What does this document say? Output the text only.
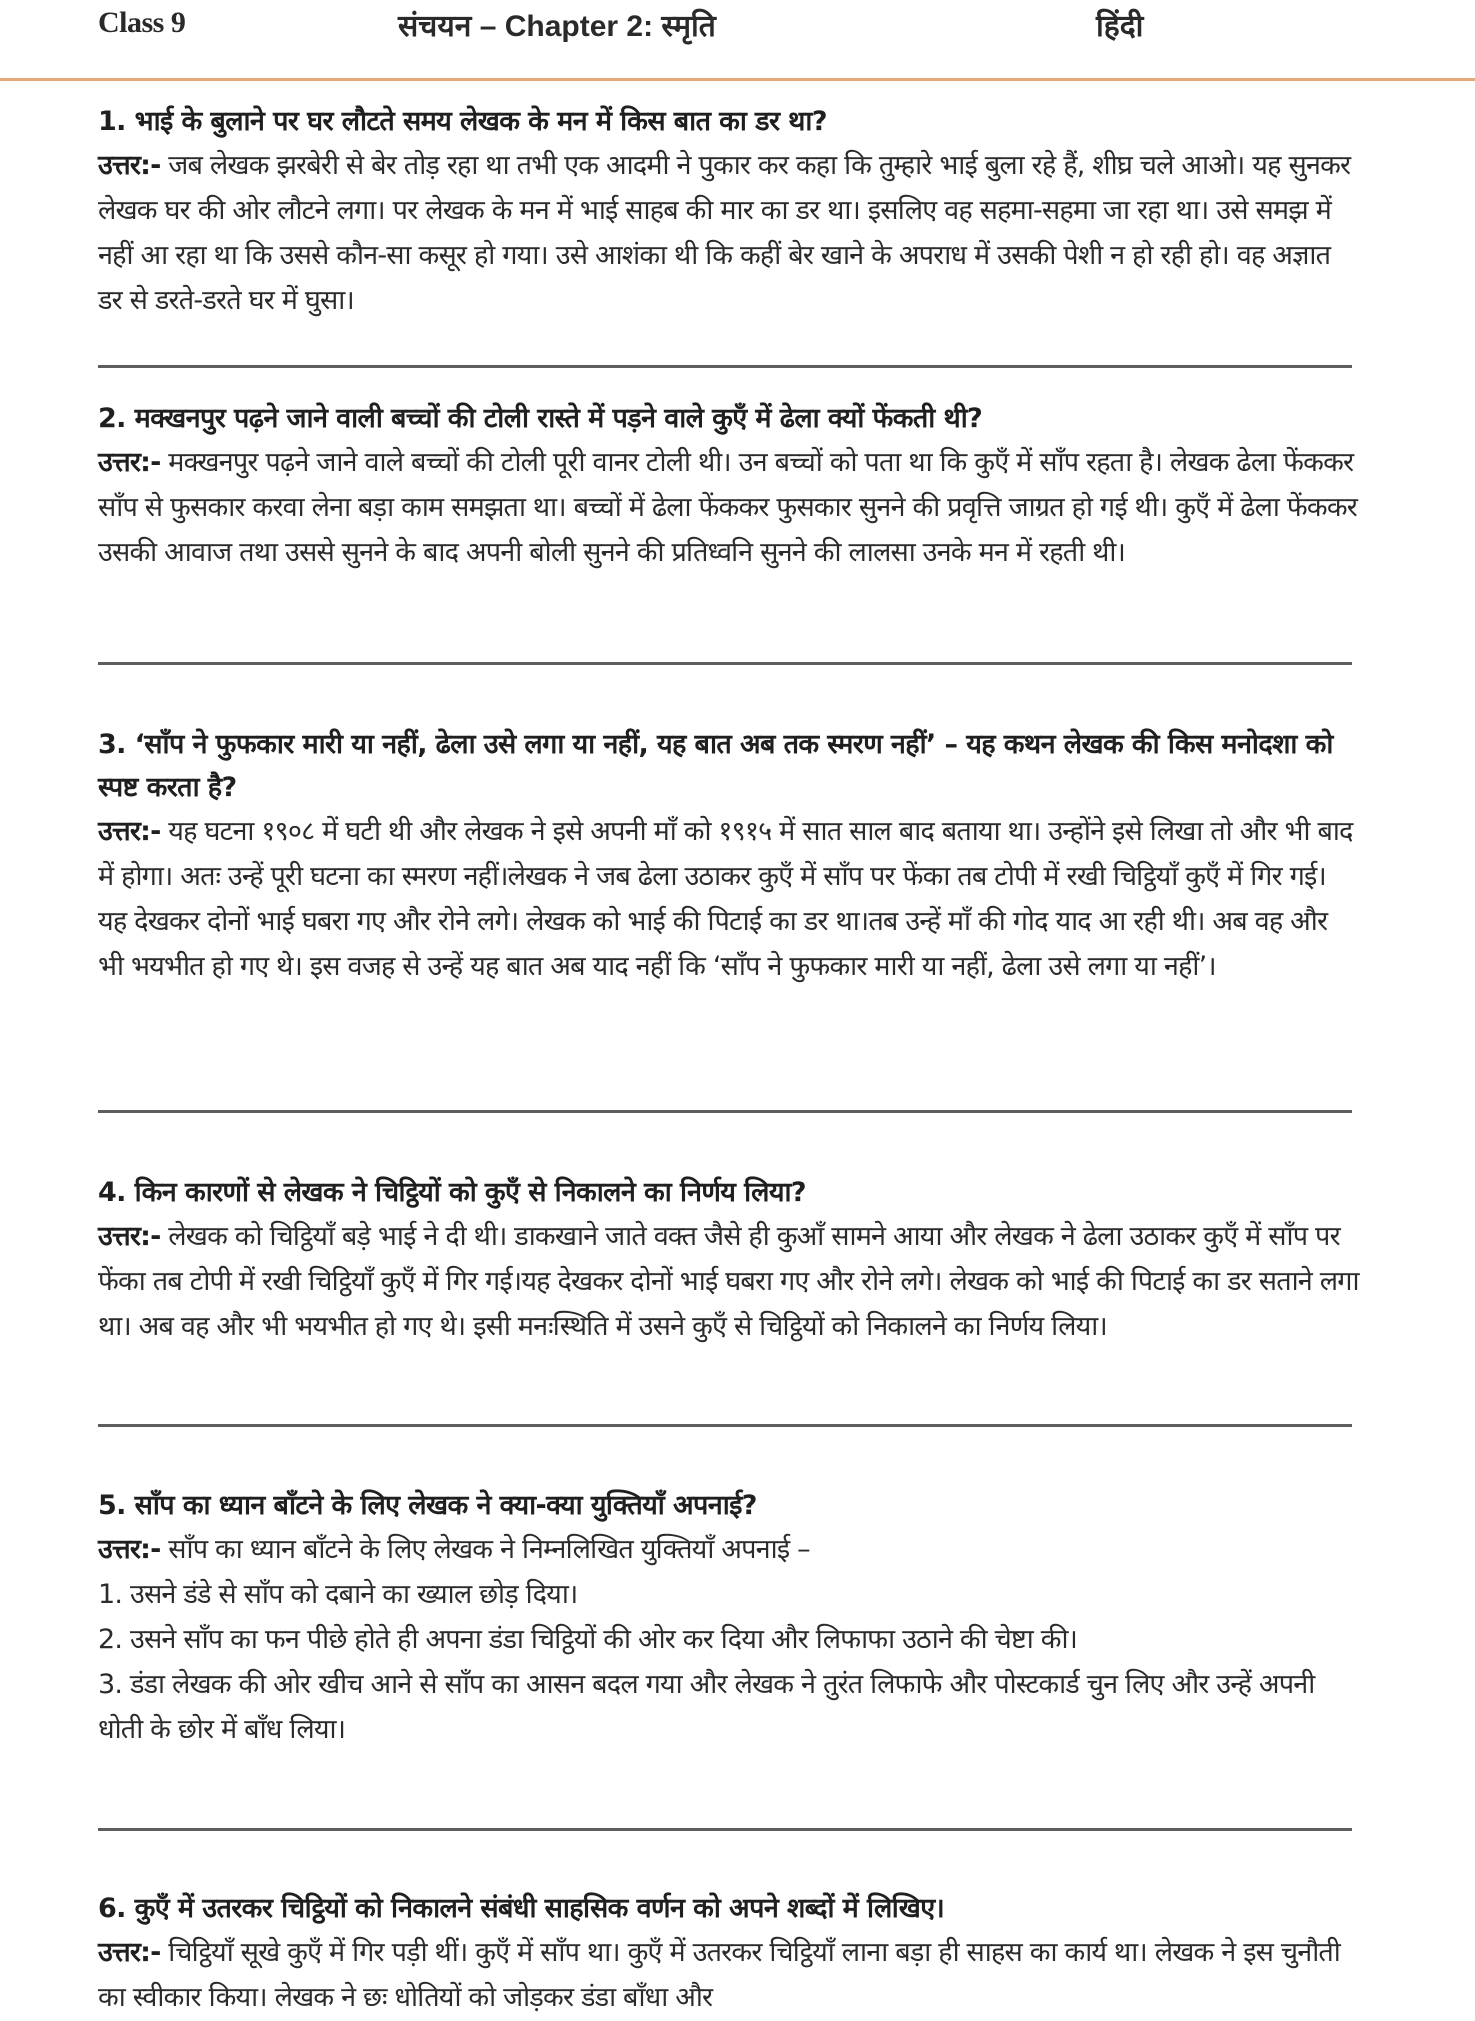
Class 9	संचयन – Chapter 2: स्मृति	हिंदी

1. भाई के बुलाने पर घर लौटते समय लेखक के मन में किस बात का डर था?

उत्तर:- जब लेखक झरबेरी से बेर तोड़ रहा था तभी एक आदमी ने पुकार कर कहा कि तुम्हारे भाई बुला रहे हैं, शीघ्र चले आओ। यह सुनकर लेखक घर की ओर लौटने लगा। पर लेखक के मन में भाई साहब की मार का डर था। इसलिए वह सहमा-सहमा जा रहा था। उसे समझ में नहीं आ रहा था कि उससे कौन-सा कसूर हो गया। उसे आशंका थी कि कहीं बेर खाने के अपराध में उसकी पेशी न हो रही हो। वह अज्ञात डर से डरते-डरते घर में घुसा।

2. मक्खनपुर पढ़ने जाने वाली बच्चों की टोली रास्ते में पड़ने वाले कुएँ में ढेला क्यों फेंकती थी?

उत्तर:- मक्खनपुर पढ़ने जाने वाले बच्चों की टोली पूरी वानर टोली थी। उन बच्चों को पता था कि कुएँ में साँप रहता है। लेखक ढेला फेंककर साँप से फुसकार करवा लेना बड़ा काम समझता था। बच्चों में ढेला फेंककर फुसकार सुनने की प्रवृत्ति जाग्रत हो गई थी। कुएँ में ढेला फेंककर उसकी आवाज तथा उससे सुनने के बाद अपनी बोली सुनने की प्रतिध्वनि सुनने की लालसा उनके मन में रहती थी।

3. ‘साँप ने फुफकार मारी या नहीं, ढेला उसे लगा या नहीं, यह बात अब तक स्मरण नहीं’ – यह कथन लेखक की किस मनोदशा को स्पष्ट करता है?

उत्तर:- यह घटना १९०८ में घटी थी और लेखक ने इसे अपनी माँ को १९१५ में सात साल बाद बताया था। उन्होंने इसे लिखा तो और भी बाद में होगा। अतः उन्हें पूरी घटना का स्मरण नहीं।लेखक ने जब ढेला उठाकर कुएँ में साँप पर फेंका तब टोपी में रखी चिट्ठियाँ कुएँ में गिर गई। यह देखकर दोनों भाई घबरा गए और रोने लगे। लेखक को भाई की पिटाई का डर था।तब उन्हें माँ की गोद याद आ रही थी। अब वह और भी भयभीत हो गए थे। इस वजह से उन्हें यह बात अब याद नहीं कि ‘साँप ने फुफकार मारी या नहीं, ढेला उसे लगा या नहीं’।

4. किन कारणों से लेखक ने चिट्ठियों को कुएँ से निकालने का निर्णय लिया?

उत्तर:- लेखक को चिट्ठियाँ बड़े भाई ने दी थी। डाकखाने जाते वक्त जैसे ही कुआँ सामने आया और लेखक ने ढेला उठाकर कुएँ में साँप पर फेंका तब टोपी में रखी चिट्ठियाँ कुएँ में गिर गई।यह देखकर दोनों भाई घबरा गए और रोने लगे। लेखक को भाई की पिटाई का डर सताने लगा था। अब वह और भी भयभीत हो गए थे। इसी मनःस्थिति में उसने कुएँ से चिट्ठियों को निकालने का निर्णय लिया।

5. साँप का ध्यान बाँटने के लिए लेखक ने क्या-क्या युक्तियाँ अपनाई?

उत्तर:- साँप का ध्यान बाँटने के लिए लेखक ने निम्नलिखित युक्तियाँ अपनाई –

1. उसने डंडे से साँप को दबाने का ख्याल छोड़ दिया।

2. उसने साँप का फन पीछे होते ही अपना डंडा चिट्ठियों की ओर कर दिया और लिफाफा उठाने की चेष्टा की।

3. डंडा लेखक की ओर खीच आने से साँप का आसन बदल गया और लेखक ने तुरंत लिफाफे और पोस्टकार्ड चुन लिए और उन्हें अपनी धोती के छोर में बाँध लिया।

6. कुएँ में उतरकर चिट्ठियों को निकालने संबंधी साहसिक वर्णन को अपने शब्दों में लिखिए।

उत्तर:- चिट्ठियाँ सूखे कुएँ में गिर पड़ी थीं। कुएँ में साँप था। कुएँ में उतरकर चिट्ठियाँ लाना बड़ा ही साहस का कार्य था। लेखक ने इस चुनौती का स्वीकार किया। लेखक ने छः धोतियों को जोड़कर डंडा बाँधा और
